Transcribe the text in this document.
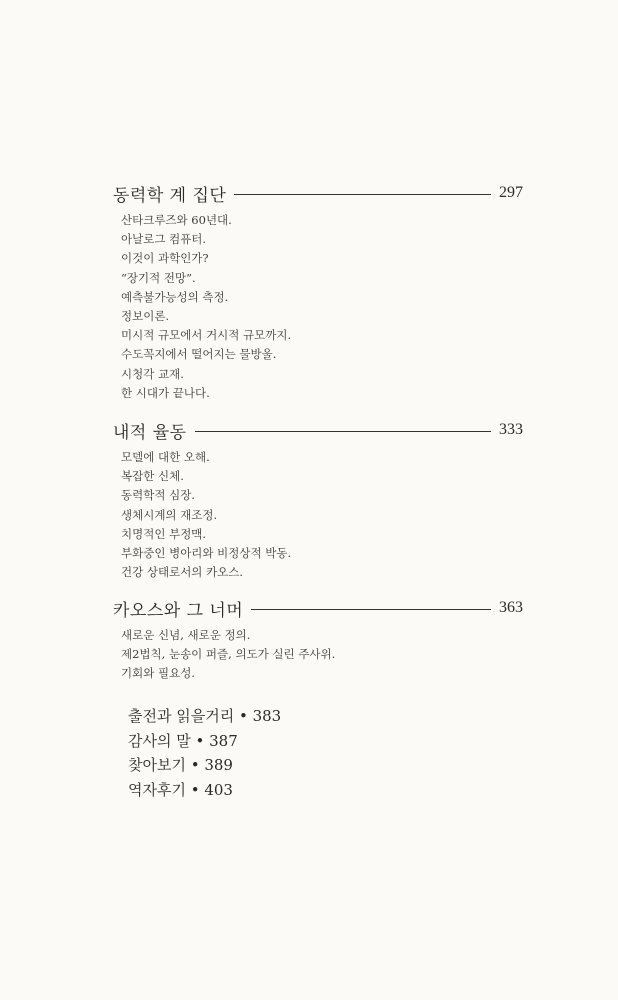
동력학 계 집단	297
산타크루즈와 60년대.
아날로그 컴퓨터.
이것이 과학인가?
“장기적 전망”.
예측불가능성의 측정.
정보이론.
미시적 규모에서 거시적 규모까지.
수도꼭지에서 떨어지는 물방울.
시청각 교재.
한 시대가 끝나다.
내적 율동	333
모델에 대한 오해.
복잡한 신체.
동력학적 심장.
생체시계의 재조정.
치명적인 부정맥.
부화중인 병아리와 비정상적 박동.
건강 상태로서의 카오스.
카오스와 그 너머	363
새로운 신념, 새로운 정의.
제2법칙, 눈송이 퍼즐, 의도가 실린 주사위.
기회와 필요성.
출전과 읽을거리 • 383
감사의 말 • 387
찾아보기 • 389
역자후기 • 403
